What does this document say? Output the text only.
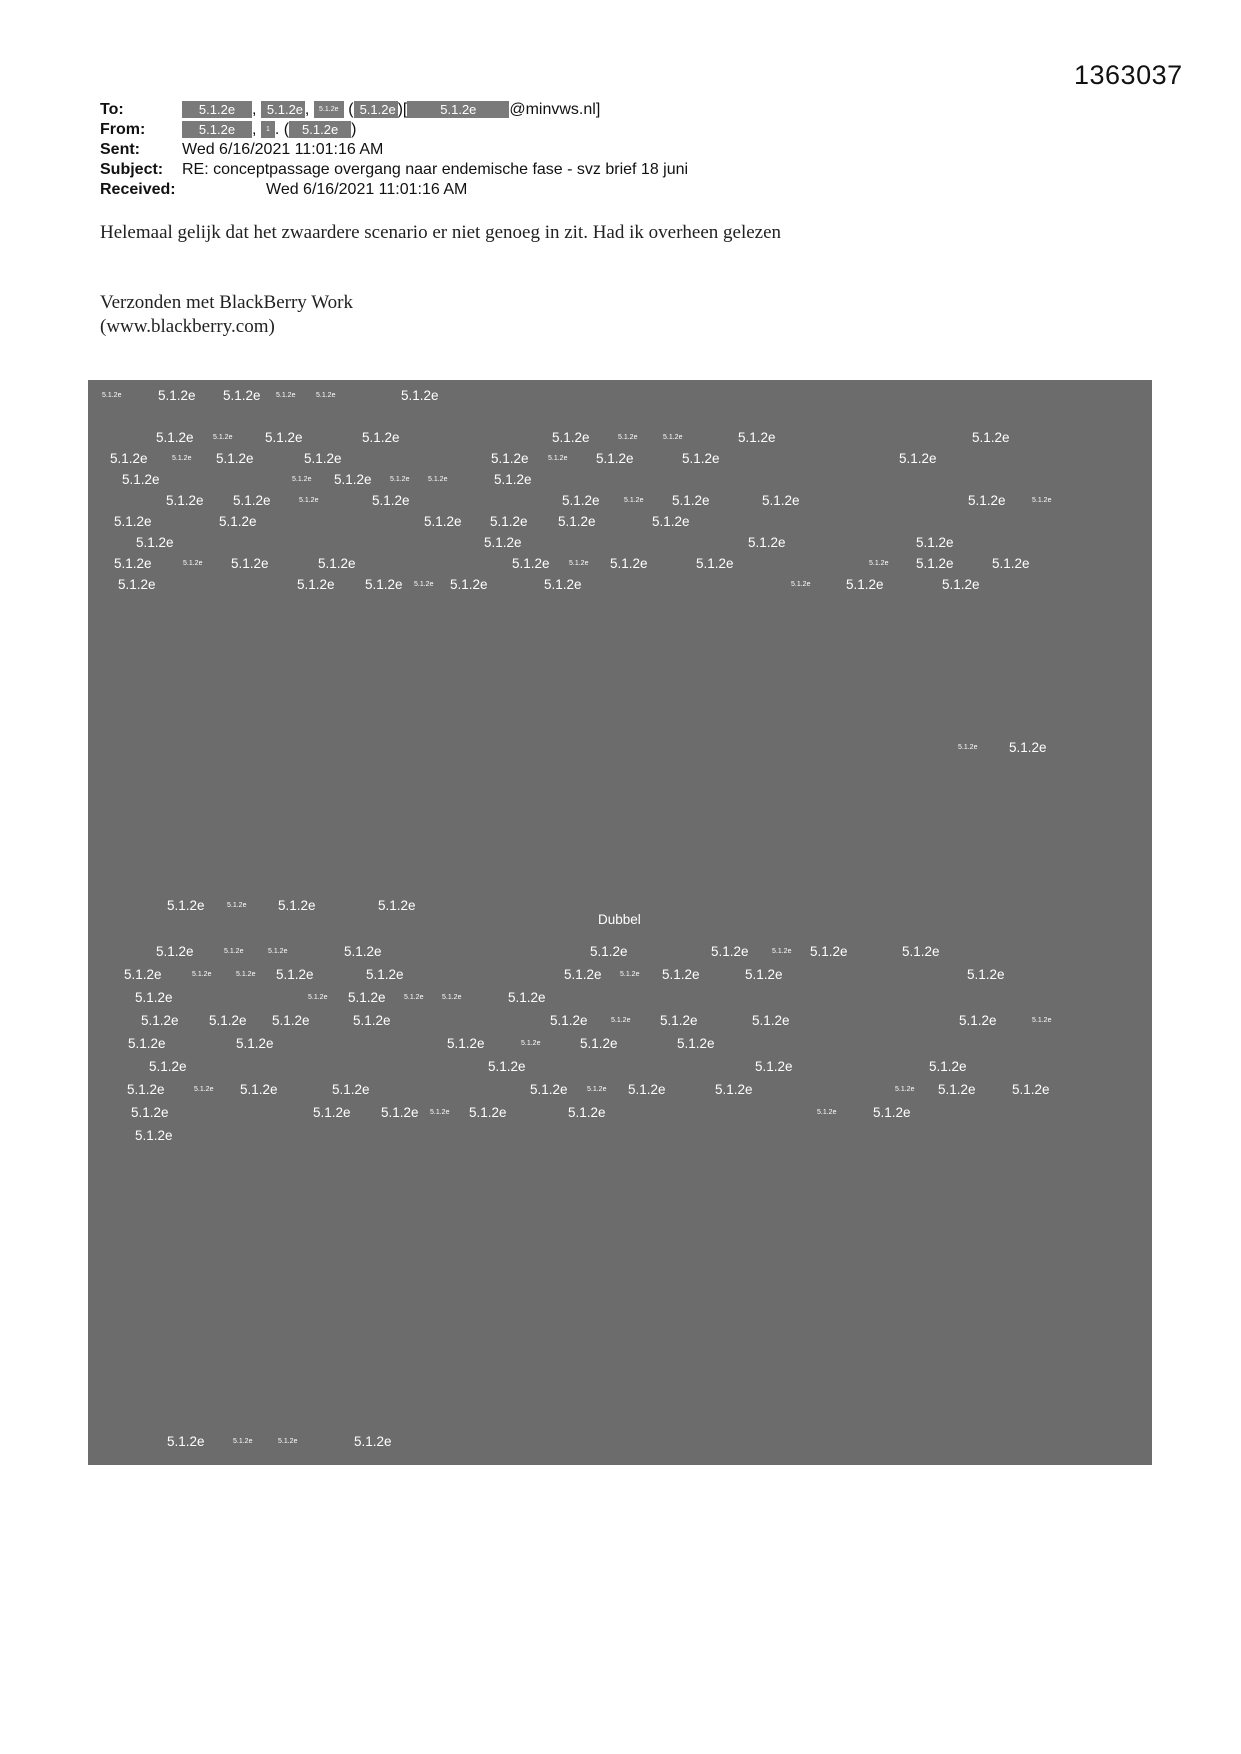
1363037
To:	5.1.2e , 5.1.2e , 5.1.2e ( 5.1.2e )[	5.1.2e @minvws.nl]
From:	5.1.2e , 1 . ( 5.1.2e )
Sent:	Wed 6/16/2021 11:01:16 AM
Subject: RE: conceptpassage overgang naar endemische fase - svz brief 18 juni
Received:	Wed 6/16/2021 11:01:16 AM
Helemaal gelijk dat het zwaardere scenario er niet genoeg in zit. Had ik overheen gelezen
Verzonden met BlackBerry Work
(www.blackberry.com)
5.1.2e	5.1.2e 5.1.2e 5.1.2e	5.1.2e	5.1.2e
5.1.2e	5.1.2e 5.1.2e	5.1.2e	5.1.2e	5.1.2e	5.1.2e	5.1.2e	5.1.2e
5.1.2e	5.1.2e 5.1.2e	5.1.2e	5.1.2e	5.1.2e 5.1.2e	5.1.2e	5.1.2e
5.1.2e	5.1.2e 5.1.2e	5.1.2e	5.1.2e	5.1.2e
5.1.2e 5.1.2e	5.1.2e	5.1.2e	5.1.2e	5.1.2e 5.1.2e	5.1.2e	5.1.2e	5.1.2e
5.1.2e	5.1.2e	5.1.2e 5.1.2e 5.1.2e	5.1.2e
5.1.2e	5.1.2e	5.1.2e	5.1.2e
5.1.2e	5.1.2e 5.1.2e	5.1.2e	5.1.2e	5.1.2e 5.1.2e	5.1.2e	5.1.2e 5.1.2e	5.1.2e
5.1.2e	5.1.2e 5.1.2e 5.1.2e 5.1.2e	5.1.2e	5.1.2e	5.1.2e	5.1.2e
5.1.2e 5.1.2e
5.1.2e	5.1.2e 5.1.2e	5.1.2e
Dubbel
5.1.2e	5.1.2e	5.1.2e	5.1.2e	5.1.2e	5.1.2e	5.1.2e 5.1.2e	5.1.2e
5.1.2e	5.1.2e	5.1.2e 5.1.2e	5.1.2e	5.1.2e	5.1.2e 5.1.2e	5.1.2e	5.1.2e
5.1.2e	5.1.2e 5.1.2e	5.1.2e	5.1.2e	5.1.2e
5.1.2e 5.1.2e 5.1.2e	5.1.2e	5.1.2e	5.1.2e 5.1.2e	5.1.2e	5.1.2e	5.1.2e
5.1.2e	5.1.2e	5.1.2e	5.1.2e	5.1.2e	5.1.2e
5.1.2e	5.1.2e	5.1.2e	5.1.2e
5.1.2e	5.1.2e 5.1.2e	5.1.2e	5.1.2e	5.1.2e 5.1.2e	5.1.2e	5.1.2e 5.1.2e	5.1.2e
5.1.2e	5.1.2e 5.1.2e 5.1.2e 5.1.2e	5.1.2e	5.1.2e	5.1.2e
5.1.2e
5.1.2e	5.1.2e	5.1.2e	5.1.2e
